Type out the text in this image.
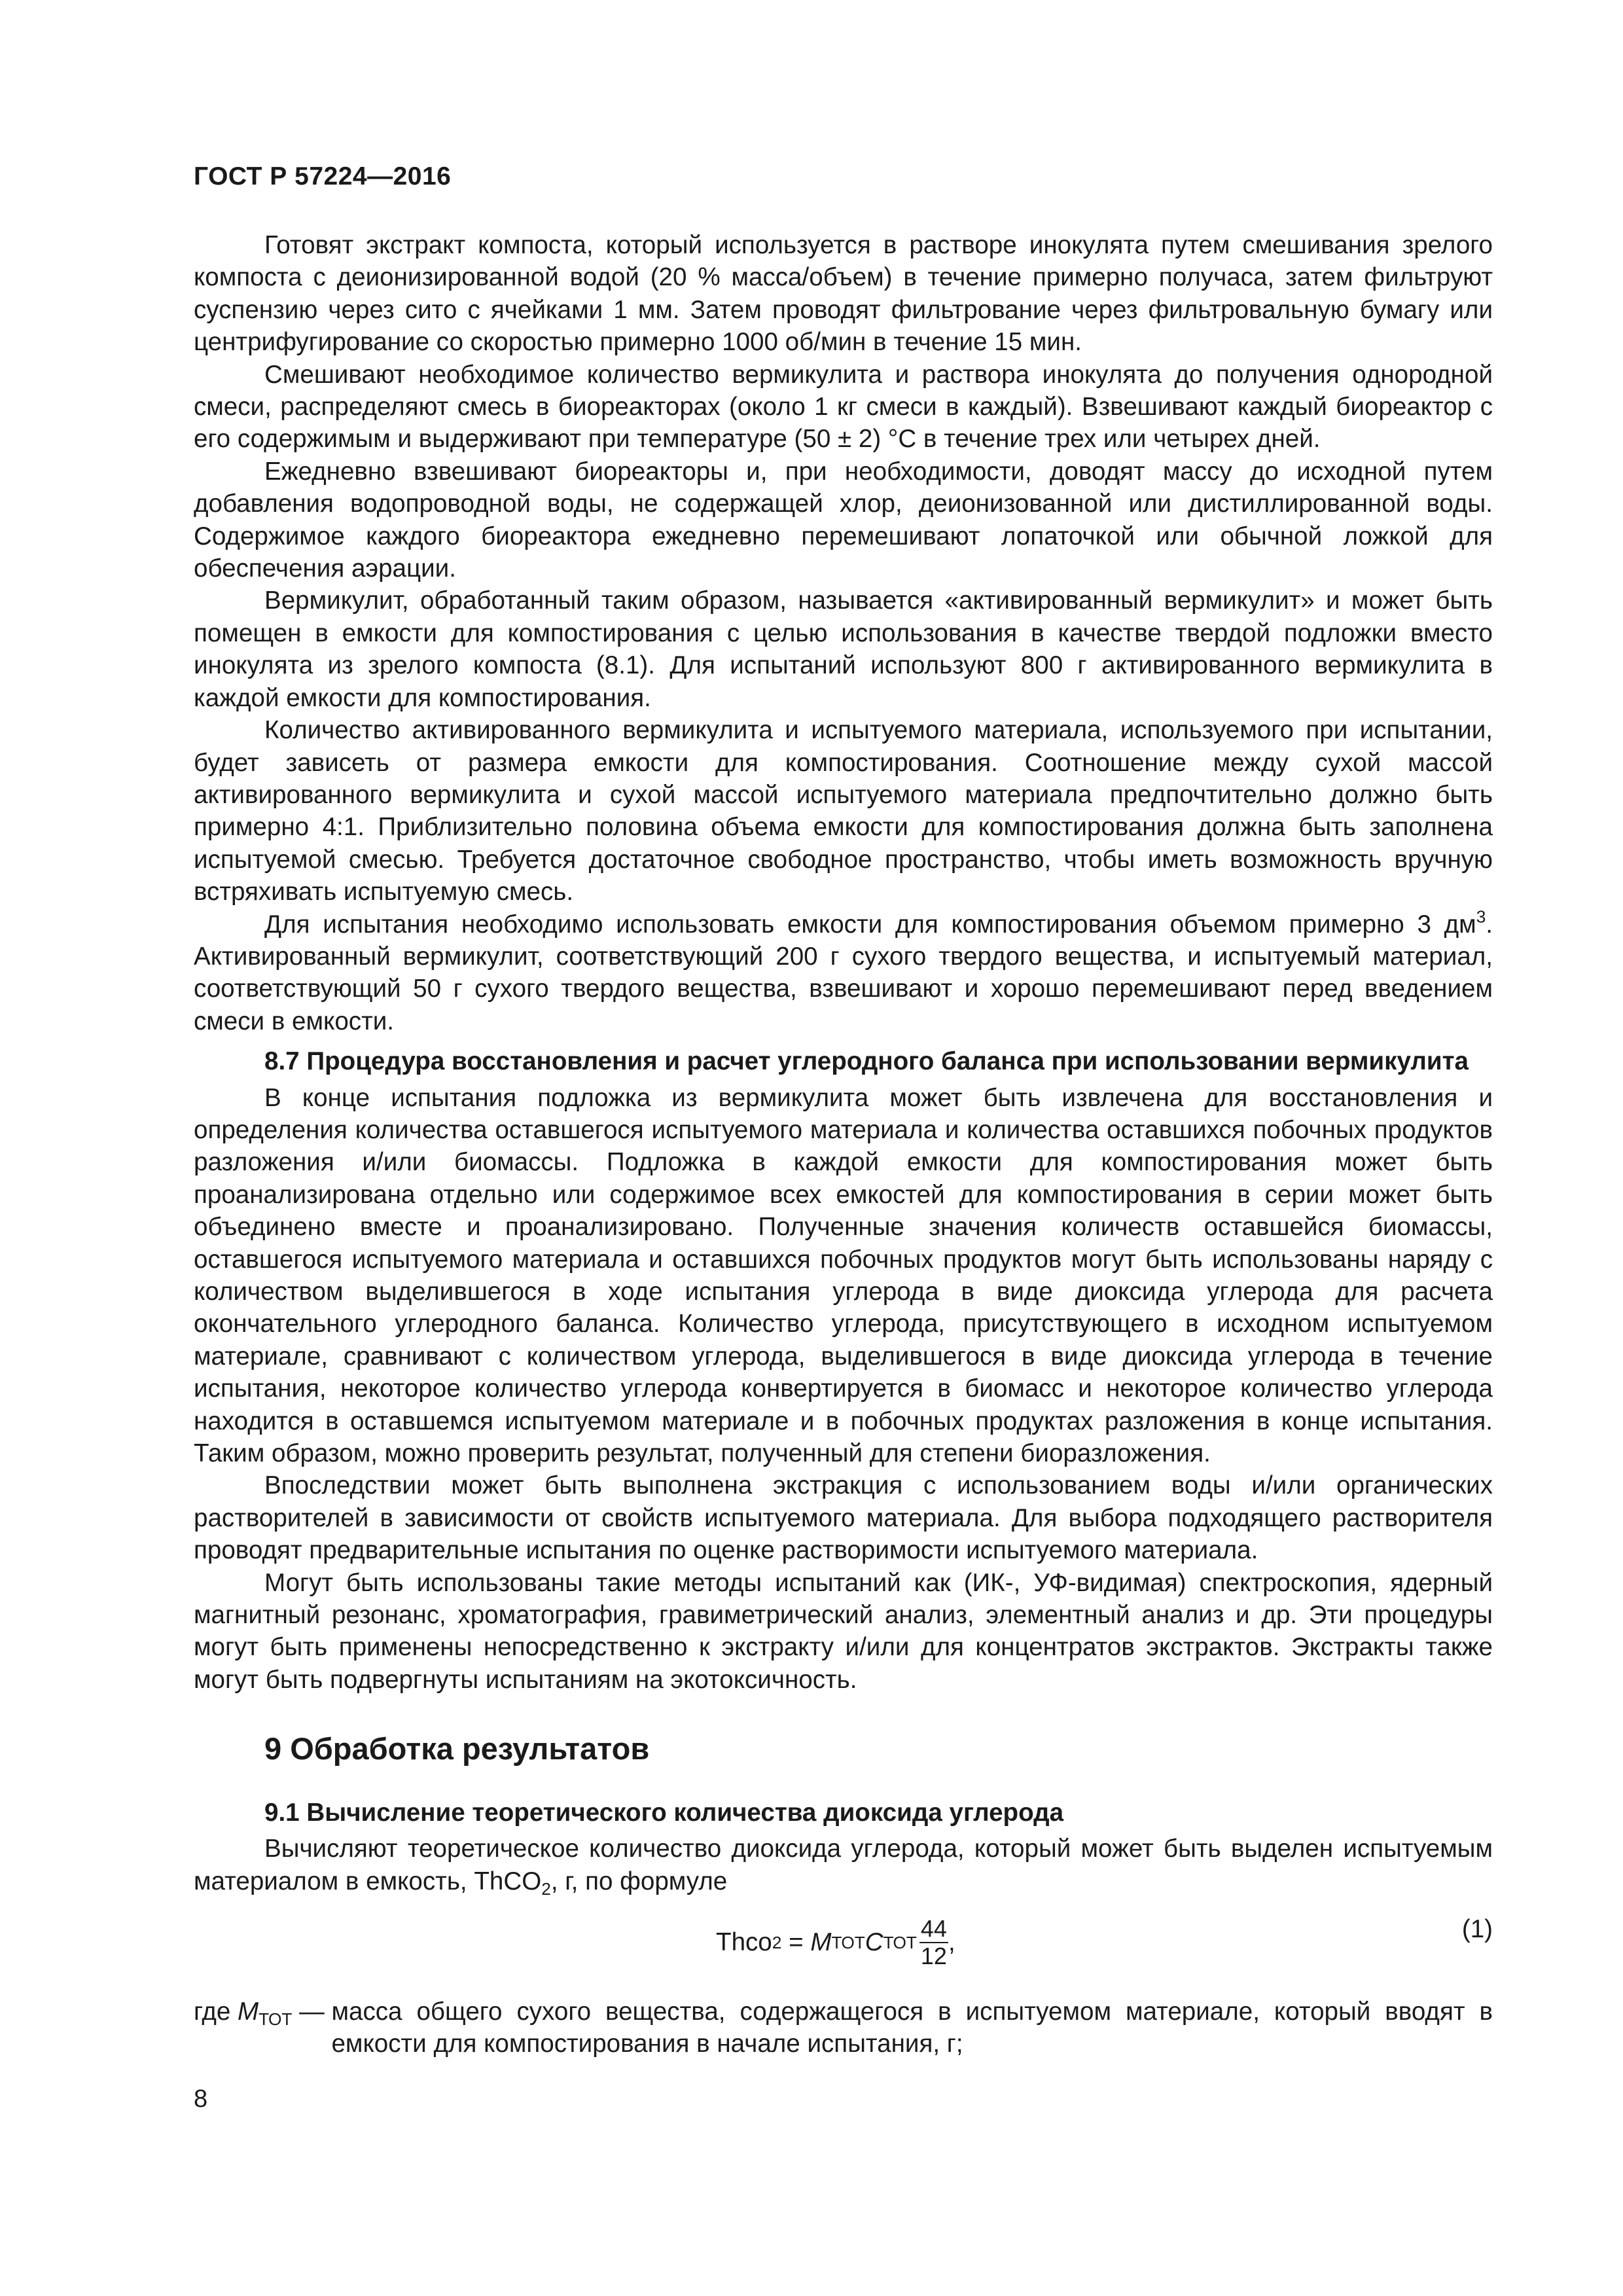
ГОСТ Р 57224—2016

Готовят экстракт компоста, который используется в растворе инокулята путем смешивания зрелого компоста с деионизированной водой (20 % масса/объем) в течение примерно получаса, затем фильтруют суспензию через сито с ячейками 1 мм. Затем проводят фильтрование через фильтровальную бумагу или центрифугирование со скоростью примерно 1000 об/мин в течение 15 мин.

Смешивают необходимое количество вермикулита и раствора инокулята до получения однородной смеси, распределяют смесь в биореакторах (около 1 кг смеси в каждый). Взвешивают каждый биореактор с его содержимым и выдерживают при температуре (50 ± 2) °С в течение трех или четырех дней.

Ежедневно взвешивают биореакторы и, при необходимости, доводят массу до исходной путем добавления водопроводной воды, не содержащей хлор, деионизованной или дистиллированной воды. Содержимое каждого биореактора ежедневно перемешивают лопаточкой или обычной ложкой для обеспечения аэрации.

Вермикулит, обработанный таким образом, называется «активированный вермикулит» и может быть помещен в емкости для компостирования с целью использования в качестве твердой подложки вместо инокулята из зрелого компоста (8.1). Для испытаний используют 800 г активированного вермикулита в каждой емкости для компостирования.

Количество активированного вермикулита и испытуемого материала, используемого при испытании, будет зависеть от размера емкости для компостирования. Соотношение между сухой массой активированного вермикулита и сухой массой испытуемого материала предпочтительно должно быть примерно 4:1. Приблизительно половина объема емкости для компостирования должна быть заполнена испытуемой смесью. Требуется достаточное свободное пространство, чтобы иметь возможность вручную встряхивать испытуемую смесь.

Для испытания необходимо использовать емкости для компостирования объемом примерно 3 $дм^3$. Активированный вермикулит, соответствующий 200 г сухого твердого вещества, и испытуемый материал, соответствующий 50 г сухого твердого вещества, взвешивают и хорошо перемешивают перед введением смеси в емкости.

8.7 Процедура восстановления и расчет углеродного баланса при использовании вермикулита

В конце испытания подложка из вермикулита может быть извлечена для восстановления и определения количества оставшегося испытуемого материала и количества оставшихся побочных продуктов разложения и/или биомассы. Подложка в каждой емкости для компостирования может быть проанализирована отдельно или содержимое всех емкостей для компостирования в серии может быть объединено вместе и проанализировано. Полученные значения количеств оставшейся биомассы, оставшегося испытуемого материала и оставшихся побочных продуктов могут быть использованы наряду с количеством выделившегося в ходе испытания углерода в виде диоксида углерода для расчета окончательного углеродного баланса. Количество углерода, присутствующего в исходном испытуемом материале, сравнивают с количеством углерода, выделившегося в виде диоксида углерода в течение испытания, некоторое количество углерода конвертируется в биомасс и некоторое количество углерода находится в оставшемся испытуемом материале и в побочных продуктах разложения в конце испытания. Таким образом, можно проверить результат, полученный для степени биоразложения.

Впоследствии может быть выполнена экстракция с использованием воды и/или органических растворителей в зависимости от свойств испытуемого материала. Для выбора подходящего растворителя проводят предварительные испытания по оценке растворимости испытуемого материала.

Могут быть использованы такие методы испытаний как (ИК-, УФ-видимая) спектроскопия, ядерный магнитный резонанс, хроматография, гравиметрический анализ, элементный анализ и др. Эти процедуры могут быть применены непосредственно к экстракту и/или для концентратов экстрактов. Экстракты также могут быть подвергнуты испытаниям на экотоксичность.

9 Обработка результатов
9.1 Вычисление теоретического количества диоксида углерода

Вычисляют теоретическое количество диоксида углерода, который может быть выделен испытуемым материалом в емкость, ThCO$_2$, г, по формуле

Thco 2 = M ТОТ C ТОТ $\frac{44}{12}$ ,	(1)
где $M_{ТОТ}$ — масса общего сухого вещества, содержащегося в испытуемом материале, который вводят в емкости для компостирования в начале испытания, г;
8
